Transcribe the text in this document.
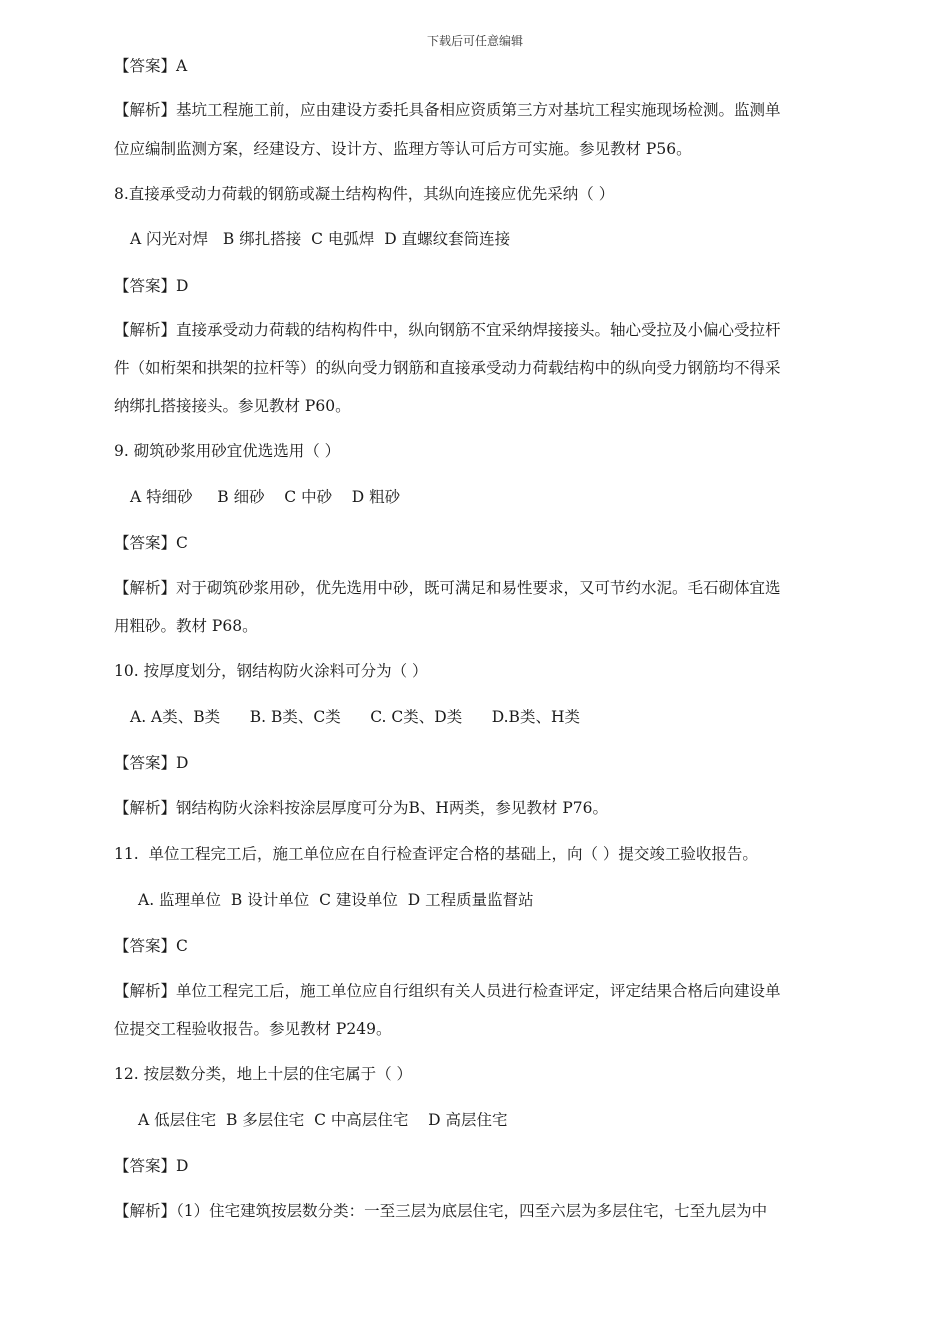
下载后可任意编辑
【答案】A
【解析】基坑工程施工前，应由建设方委托具备相应资质第三方对基坑工程实施现场检测。监测单
位应编制监测方案，经建设方、设计方、监理方等认可后方可实施。参见教材 P56。
8.直接承受动力荷载的钢筋或凝土结构构件，其纵向连接应优先采纳（ ）
A 闪光对焊   B 绑扎搭接  C 电弧焊  D 直螺纹套筒连接
【答案】D
【解析】直接承受动力荷载的结构构件中，纵向钢筋不宜采纳焊接接头。轴心受拉及小偏心受拉杆
件（如桁架和拱架的拉杆等）的纵向受力钢筋和直接承受动力荷载结构中的纵向受力钢筋均不得采
纳绑扎搭接接头。参见教材 P60。
9. 砌筑砂浆用砂宜优选选用（ ）
A 特细砂     B 细砂    C 中砂    D 粗砂
【答案】C
【解析】对于砌筑砂浆用砂，优先选用中砂，既可满足和易性要求，又可节约水泥。毛石砌体宜选
用粗砂。教材 P68。
10. 按厚度划分，钢结构防火涂料可分为（ ）
A. A类、B类      B. B类、C类      C. C类、D类      D.B类、H类
【答案】D
【解析】钢结构防火涂料按涂层厚度可分为B、H两类，参见教材 P76。
11.  单位工程完工后，施工单位应在自行检查评定合格的基础上，向（ ）提交竣工验收报告。
A. 监理单位  B 设计单位  C 建设单位  D 工程质量监督站
【答案】C
【解析】单位工程完工后，施工单位应自行组织有关人员进行检查评定，评定结果合格后向建设单
位提交工程验收报告。参见教材 P249。
12. 按层数分类，地上十层的住宅属于（ ）
A 低层住宅  B 多层住宅  C 中高层住宅    D 高层住宅
【答案】D
【解析】（1）住宅建筑按层数分类：一至三层为底层住宅，四至六层为多层住宅，七至九层为中
